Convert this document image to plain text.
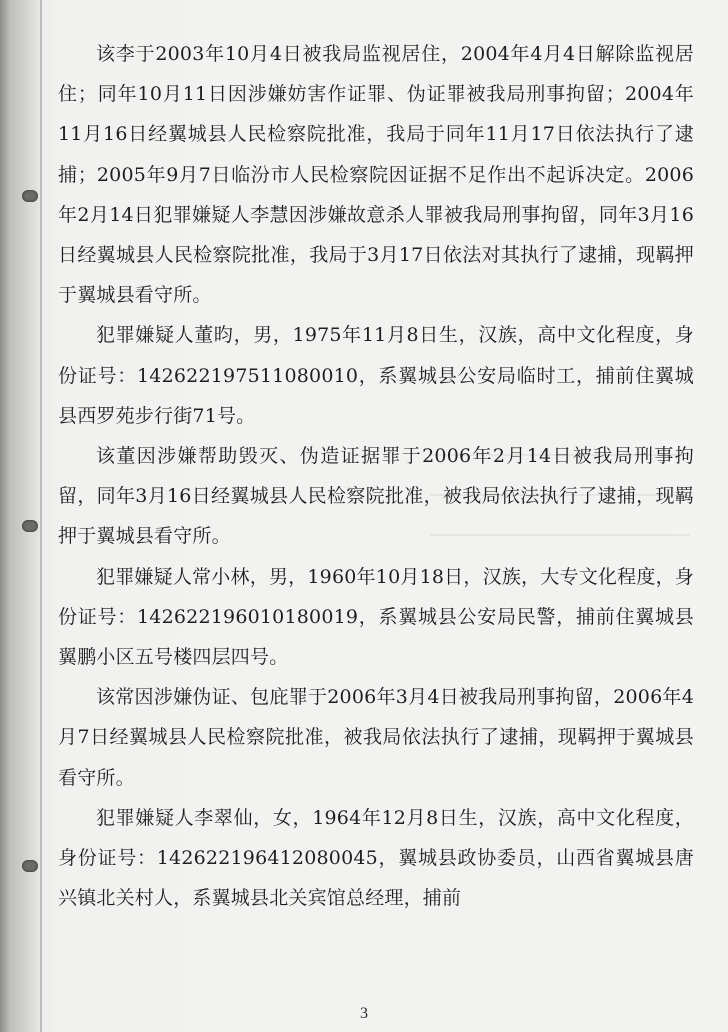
该李于2003年10月4日被我局监视居住，2004年4月4日解除监视居住；同年10月11日因涉嫌妨害作证罪、伪证罪被我局刑事拘留；2004年11月16日经翼城县人民检察院批准，我局于同年11月17日依法执行了逮捕；2005年9月7日临汾市人民检察院因证据不足作出不起诉决定。2006年2月14日犯罪嫌疑人李慧因涉嫌故意杀人罪被我局刑事拘留，同年3月16日经翼城县人民检察院批准，我局于3月17日依法对其执行了逮捕，现羁押于翼城县看守所。

犯罪嫌疑人董昀，男，1975年11月8日生，汉族，高中文化程度，身份证号：142622197511080010，系翼城县公安局临时工，捕前住翼城县西罗苑步行街71号。

该董因涉嫌帮助毁灭、伪造证据罪于2006年2月14日被我局刑事拘留，同年3月16日经翼城县人民检察院批准，被我局依法执行了逮捕，现羁押于翼城县看守所。

犯罪嫌疑人常小林，男，1960年10月18日，汉族，大专文化程度，身份证号：142622196010180019，系翼城县公安局民警，捕前住翼城县翼鹏小区五号楼四层四号。

该常因涉嫌伪证、包庇罪于2006年3月4日被我局刑事拘留，2006年4月7日经翼城县人民检察院批准，被我局依法执行了逮捕，现羁押于翼城县看守所。

犯罪嫌疑人李翠仙，女，1964年12月8日生，汉族，高中文化程度，身份证号：142622196412080045，翼城县政协委员，山西省翼城县唐兴镇北关村人，系翼城县北关宾馆总经理，捕前

3
